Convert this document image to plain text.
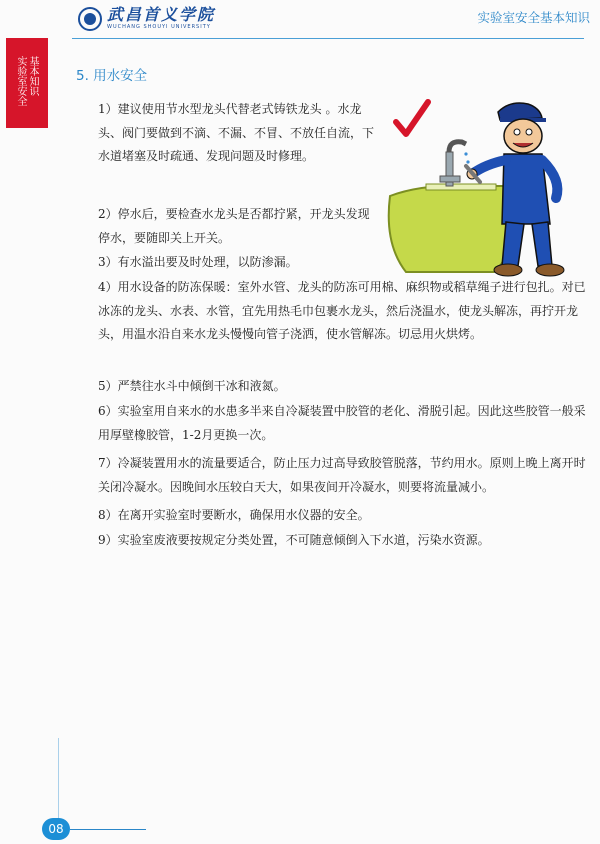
武昌首义学院
WUCHANG SHOUYI UNIVERSITY
实验室安全基本知识
基本知识
实验室安全	5. 用水安全

1）建议使用节水型龙头代替老式铸铁龙头 。水龙头、阀门要做到不滴、不漏、不冒、不放任自流，下水道堵塞及时疏通、发现问题及时修理。

2）停水后，要检查水龙头是否都拧紧，开龙头发现停水，要随即关上开关。

3）有水溢出要及时处理，以防渗漏。

4）用水设备的防冻保暖：室外水管、龙头的防冻可用棉、麻织物或稻草绳子进行包扎。对已冰冻的龙头、水表、水管，宜先用热毛巾包裹水龙头，然后浇温水，使龙头解冻，再拧开龙头，用温水沿自来水龙头慢慢向管子浇洒，使水管解冻。切忌用火烘烤。

5）严禁往水斗中倾倒干冰和液氮。

6）实验室用自来水的水患多半来自冷凝装置中胶管的老化、滑脱引起。因此这些胶管一般采用厚壁橡胶管，1-2月更换一次。

7）冷凝装置用水的流量要适合，防止压力过高导致胶管脱落，节约用水。原则上晚上离开时关闭冷凝水。因晚间水压较白天大，如果夜间开冷凝水，则要将流量减小。

8）在离开实验室时要断水，确保用水仪器的安全。

9）实验室废液要按规定分类处置，不可随意倾倒入下水道，污染水资源。

08
